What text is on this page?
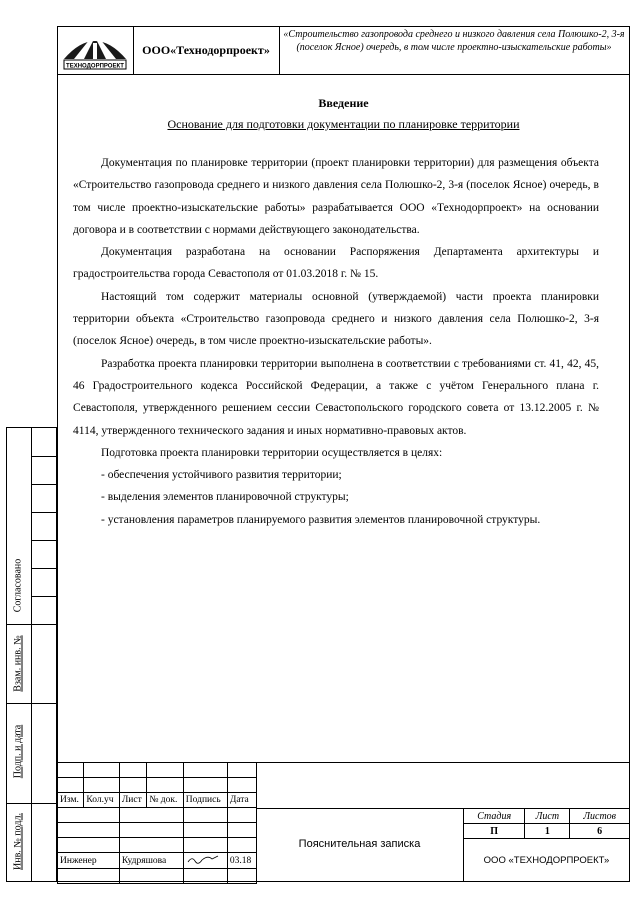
ТЕХНОДОРПРОЕКТ
ООО«Технодорпроект»
«Строительство газопровода среднего и низкого давления села Полюшко-2, 3-я (поселок Ясное) очередь, в том числе проектно-изыскательские работы»
Введение
Основание для подготовки документации по планировке территории

Документация по планировке территории (проект планировки территории) для размещения объекта «Строительство газопровода среднего и низкого давления села Полюшко-2, 3-я (поселок Ясное) очередь, в том числе проектно-изыскательские работы» разрабатывается ООО «Технодорпроект» на основании договора и в соответствии с нормами действующего законодательства.

Документация разработана на основании Распоряжения Департамента архитектуры и градостроительства города Севастополя от 01.03.2018 г. № 15.

Настоящий том содержит материалы основной (утверждаемой) части проекта планировки территории объекта «Строительство газопровода среднего и низкого давления села Полюшко-2, 3-я (поселок Ясное) очередь, в том числе проектно-изыскательские работы».

Разработка проекта планировки территории выполнена в соответствии с требованиями ст. 41, 42, 45, 46 Градостроительного кодекса Российской Федерации, а также с учётом Генерального плана г. Севастополя, утвержденного решением сессии Севастопольского городского совета от 13.12.2005 г. № 4114, утвержденного технического задания и иных нормативно-правовых актов.

Подготовка проекта планировки территории осуществляется в целях:

- обеспечения устойчивого развития территории;

- выделения элементов планировочной структуры;

- установления параметров планируемого развития элементов планировочной структуры.

Согласовано
Взам. инв. №
Подп. и дата
Инв. № подл.

Изм.	Кол.уч	Лист	№ док.	Подпись	Дата

Инженер		Кудряшова			03.18

Пояснительная записка
Стадия	Лист	Листов
П	1	6
ООО «ТЕХНОДОРПРОЕКТ»		
